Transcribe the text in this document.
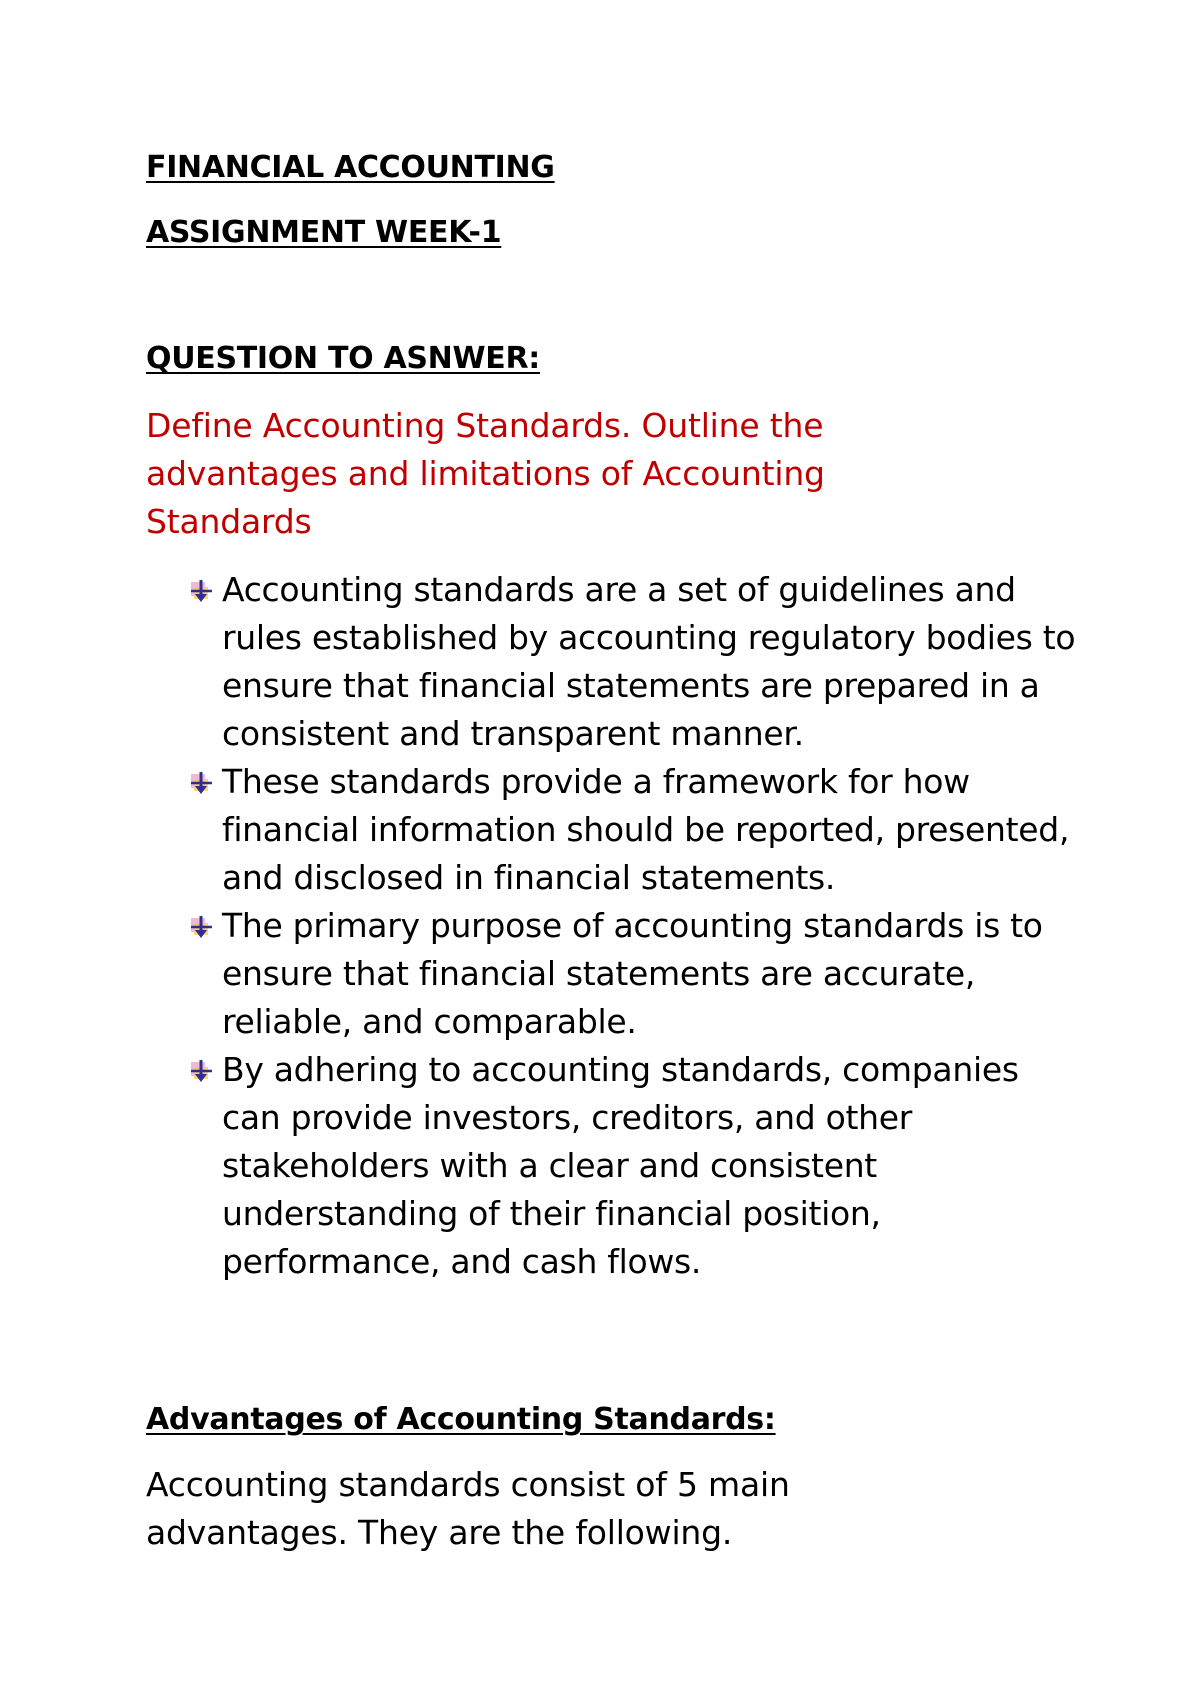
FINANCIAL ACCOUNTING
ASSIGNMENT WEEK-1
QUESTION TO ASNWER:
Define Accounting Standards. Outline the advantages and limitations of Accounting Standards
Accounting standards are a set of guidelines and rules established by accounting regulatory bodies to ensure that financial statements are prepared in a consistent and transparent manner.
These standards provide a framework for how financial information should be reported, presented, and disclosed in financial statements.
The primary purpose of accounting standards is to ensure that financial statements are accurate, reliable, and comparable.
By adhering to accounting standards, companies can provide investors, creditors, and other stakeholders with a clear and consistent understanding of their financial position, performance, and cash flows.
Advantages of Accounting Standards:
Accounting standards consist of 5 main advantages. They are the following.
